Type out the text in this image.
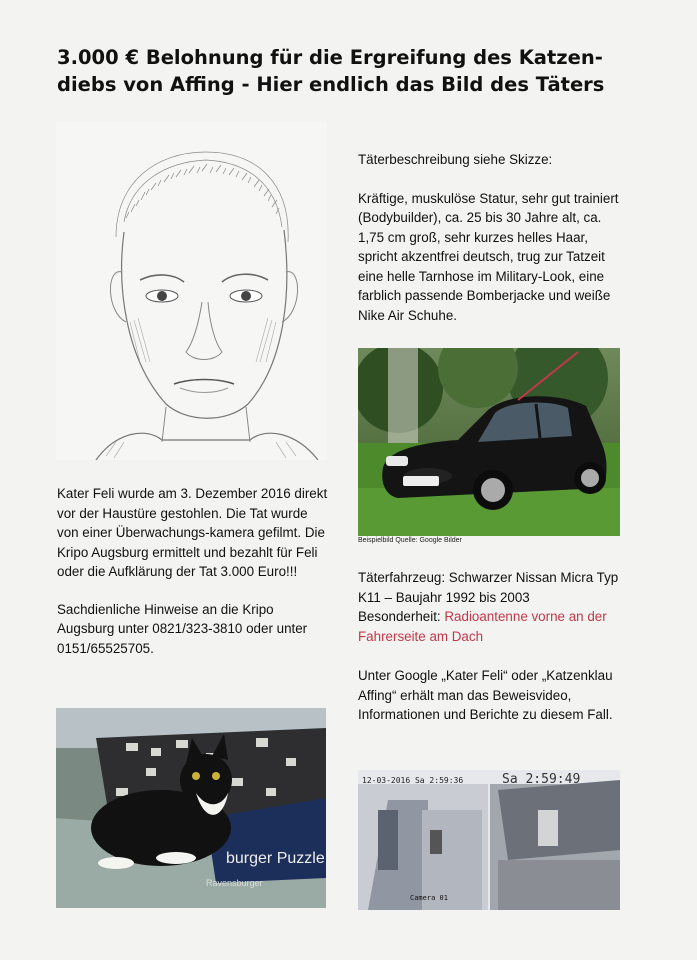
3.000 € Belohnung für die Ergreifung des Katzen-
diebs von Affing - Hier endlich das Bild des Täters

Kater Feli wurde am 3. Dezember 2016 direkt vor der Haustüre gestohlen. Die Tat wurde von einer Überwachungs-kamera gefilmt. Die Kripo Augsburg ermittelt und bezahlt für Feli oder die Aufklärung der Tat 3.000 Euro!!!

Sachdienliche Hinweise an die Kripo Augsburg unter 0821/323-3810 oder unter 0151/65525705.

Täterbeschreibung siehe Skizze:

Kräftige, muskulöse Statur, sehr gut trainiert (Bodybuilder), ca. 25 bis 30 Jahre alt, ca. 1,75 cm groß, sehr kurzes helles Haar, spricht akzentfrei deutsch, trug zur Tatzeit eine helle Tarnhose im Military-Look, eine farblich passende Bomberjacke und weiße Nike Air Schuhe.

Beispielbild Quelle: Google Bilder

Täterfahrzeug: Schwarzer Nissan Micra Typ K11 – Baujahr 1992 bis 2003

Besonderheit: Radioantenne vorne an der Fahrerseite am Dach

Unter Google „Kater Feli“ oder „Katzenklau Affing“ erhält man das Beweisvideo, Informationen und Berichte zu diesem Fall.

burger Puzzle
Ravensburger
12-03-2016 Sa 2:59:36	Sa 2:59:49
Camera 01
